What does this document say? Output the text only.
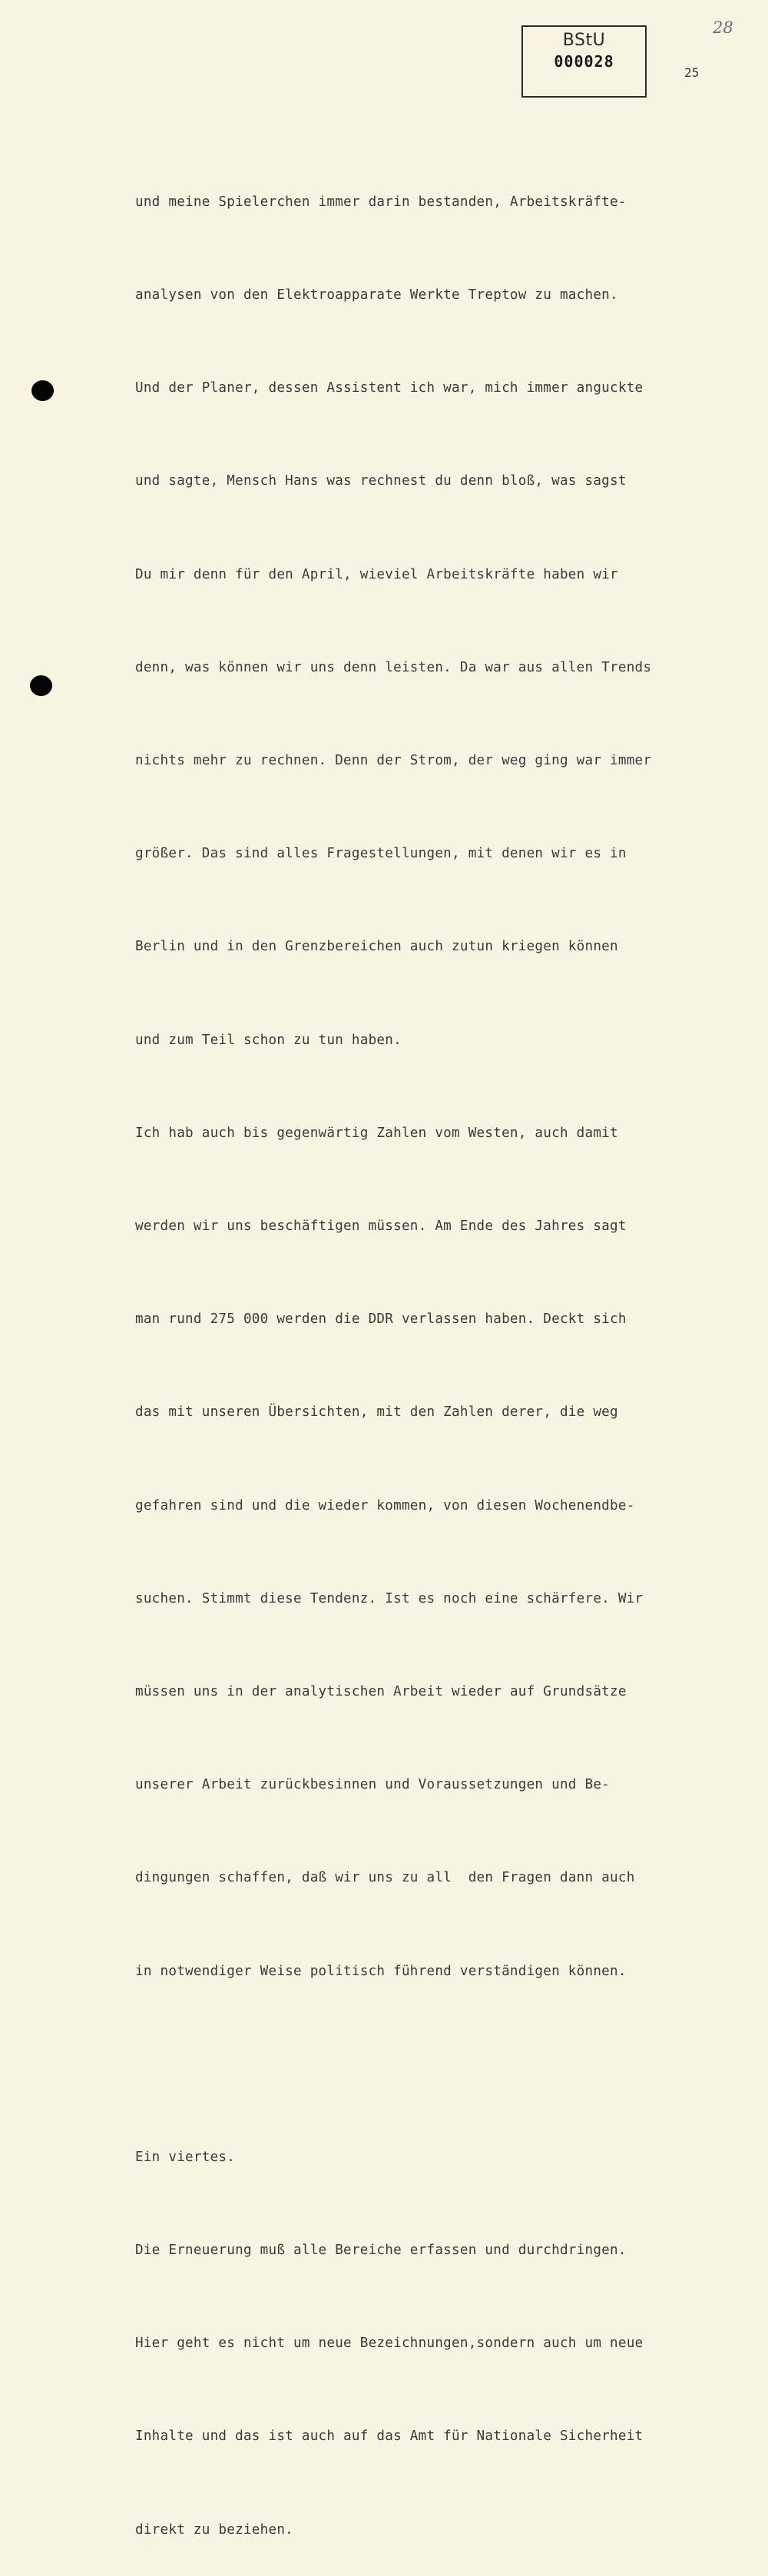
BStU
000028
28
25

und meine Spielerchen immer darin bestanden, Arbeitskräfte-

analysen von den Elektroapparate Werkte Treptow zu machen.

Und der Planer, dessen Assistent ich war, mich immer anguckte

und sagte, Mensch Hans was rechnest du denn bloß, was sagst

Du mir denn für den April, wieviel Arbeitskräfte haben wir

denn, was können wir uns denn leisten. Da war aus allen Trends

nichts mehr zu rechnen. Denn der Strom, der weg ging war immer

größer. Das sind alles Fragestellungen, mit denen wir es in

Berlin und in den Grenzbereichen auch zutun kriegen können

und zum Teil schon zu tun haben.

Ich hab auch bis gegenwärtig Zahlen vom Westen, auch damit

werden wir uns beschäftigen müssen. Am Ende des Jahres sagt

man rund 275 000 werden die DDR verlassen haben. Deckt sich

das mit unseren Übersichten, mit den Zahlen derer, die weg

gefahren sind und die wieder kommen, von diesen Wochenendbe-

suchen. Stimmt diese Tendenz. Ist es noch eine schärfere. Wir

müssen uns in der analytischen Arbeit wieder auf Grundsätze

unserer Arbeit zurückbesinnen und Voraussetzungen und Be-

dingungen schaffen, daß wir uns zu all  den Fragen dann auch

in notwendiger Weise politisch führend verständigen können.

Ein viertes.

Die Erneuerung muß alle Bereiche erfassen und durchdringen.

Hier geht es nicht um neue Bezeichnungen,sondern auch um neue

Inhalte und das ist auch auf das Amt für Nationale Sicherheit

direkt zu beziehen.
